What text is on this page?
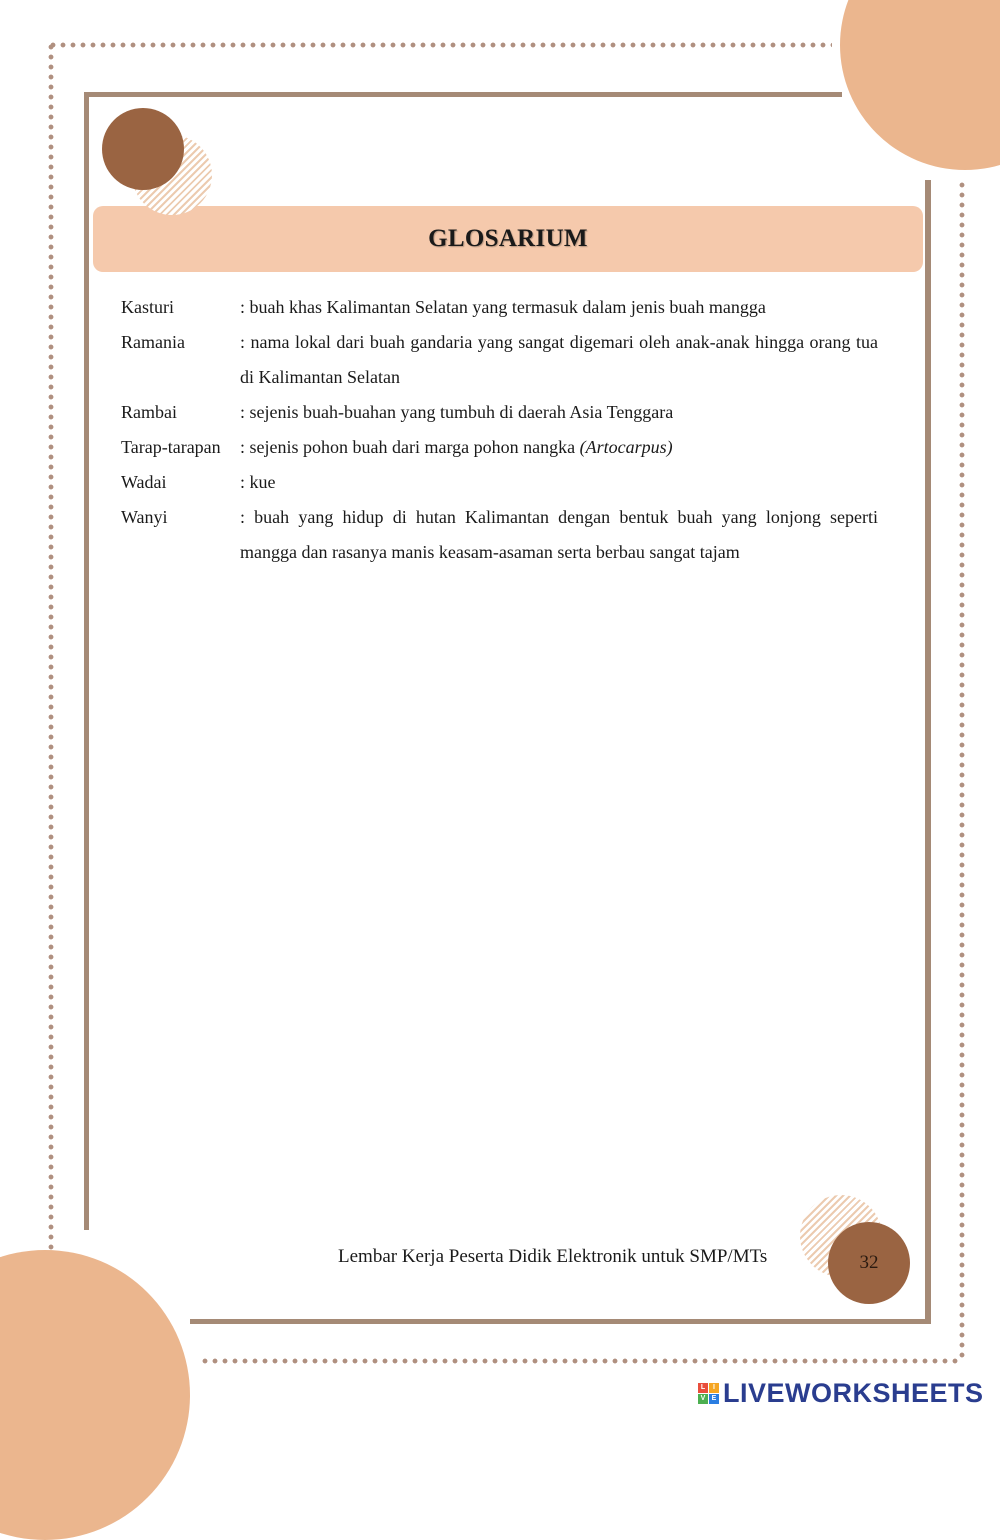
GLOSARIUM
Kasturi	: buah khas Kalimantan Selatan yang termasuk dalam jenis buah mangga
Ramania	: nama lokal dari buah gandaria yang sangat digemari oleh anak-anak hingga orang tua di Kalimantan Selatan
Rambai	: sejenis buah-buahan yang tumbuh di daerah Asia Tenggara
Tarap-tarapan	: sejenis pohon buah dari marga pohon nangka (Artocarpus)
Wadai	: kue
Wanyi	: buah yang hidup di hutan Kalimantan dengan bentuk buah yang lonjong seperti mangga dan rasanya manis keasam-asaman serta berbau sangat tajam
Lembar Kerja Peserta Didik Elektronik untuk SMP/MTs	32
L	I
V E LIVEWORKSHEETS
